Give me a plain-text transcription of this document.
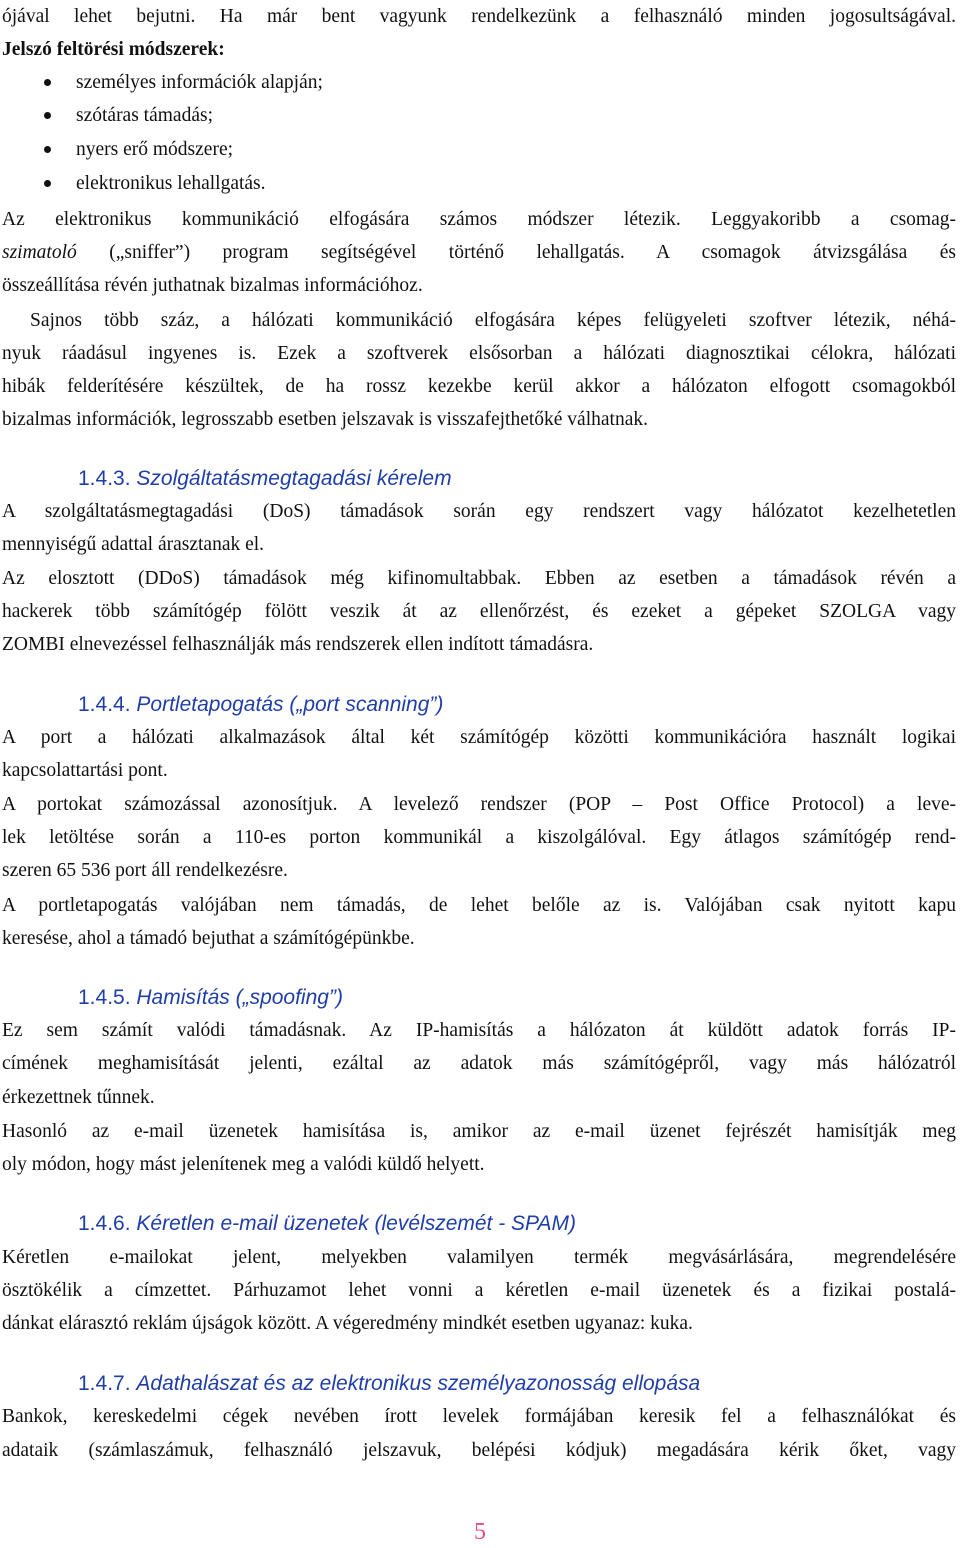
ójával lehet bejutni. Ha már bent vagyunk rendelkezünk a felhasználó minden jogosultságával.
Jelszó feltörési módszerek:
személyes információk alapján;
szótáras támadás;
nyers erő módszere;
elektronikus lehallgatás.
Az elektronikus kommunikáció elfogására számos módszer létezik. Leggyakoribb a csomag-
szimatoló („sniffer”) program segítségével történő lehallgatás. A csomagok átvizsgálása és
összeállítása révén juthatnak bizalmas információhoz.
Sajnos több száz, a hálózati kommunikáció elfogására képes felügyeleti szoftver létezik, néhá-
nyuk ráadásul ingyenes is. Ezek a szoftverek elsősorban a hálózati diagnosztikai célokra, hálózati
hibák felderítésére készültek, de ha rossz kezekbe kerül akkor a hálózaton elfogott csomagokból
bizalmas információk, legrosszabb esetben jelszavak is visszafejthetőké válhatnak.
1.4.3. Szolgáltatásmegtagadási kérelem
A szolgáltatásmegtagadási (DoS) támadások során egy rendszert vagy hálózatot kezelhetetlen
mennyiségű adattal árasztanak el.
Az elosztott (DDoS) támadások még kifinomultabbak. Ebben az esetben a támadások révén a
hackerek több számítógép fölött veszik át az ellenőrzést, és ezeket a gépeket SZOLGA vagy
ZOMBI elnevezéssel felhasználják más rendszerek ellen indított támadásra.
1.4.4. Portletapogatás („port scanning”)
A port a hálózati alkalmazások által két számítógép közötti kommunikációra használt logikai
kapcsolattartási pont.
A portokat számozással azonosítjuk. A levelező rendszer (POP – Post Office Protocol) a leve-
lek letöltése során a 110-es porton kommunikál a kiszolgálóval. Egy átlagos számítógép rend-
szeren 65 536 port áll rendelkezésre.
A portletapogatás valójában nem támadás, de lehet belőle az is. Valójában csak nyitott kapu
keresése, ahol a támadó bejuthat a számítógépünkbe.
1.4.5. Hamisítás („spoofing”)
Ez sem számít valódi támadásnak. Az IP-hamisítás a hálózaton át küldött adatok forrás IP-
címének meghamisítását jelenti, ezáltal az adatok más számítógépről, vagy más hálózatról
érkezettnek tűnnek.
Hasonló az e-mail üzenetek hamisítása is, amikor az e-mail üzenet fejrészét hamisítják meg
oly módon, hogy mást jelenítenek meg a valódi küldő helyett.
1.4.6. Kéretlen e-mail üzenetek (levélszemét - SPAM)
Kéretlen e-mailokat jelent, melyekben valamilyen termék megvásárlására, megrendelésére
ösztökélik a címzettet. Párhuzamot lehet vonni a kéretlen e-mail üzenetek és a fizikai postalá-
dánkat elárasztó reklám újságok között. A végeredmény mindkét esetben ugyanaz: kuka.
1.4.7. Adathalászat és az elektronikus személyazonosság ellopása
Bankok, kereskedelmi cégek nevében írott levelek formájában keresik fel a felhasználókat és
adataik (számlaszámuk, felhasználó jelszavuk, belépési kódjuk) megadására kérik őket, vagy
5
